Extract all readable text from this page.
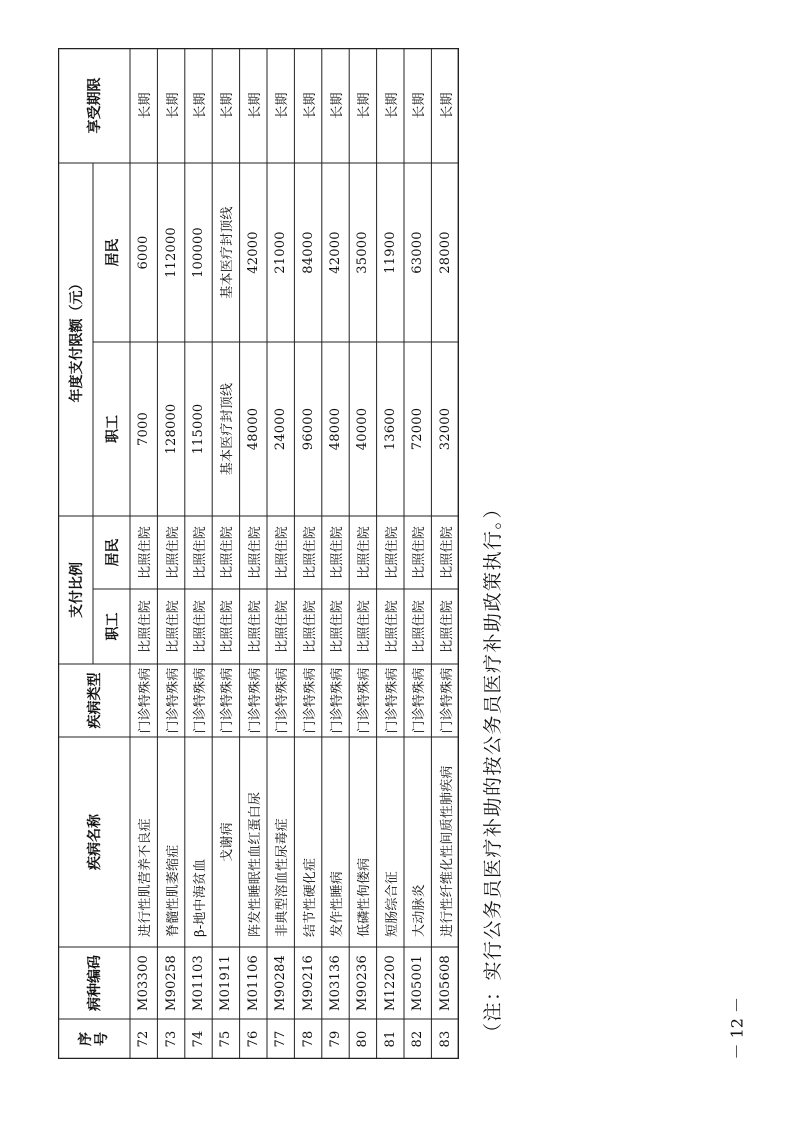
序号
病种编码
疾病名称
疾病类型
支付比例
职工
居民
年度支付限额（元）
职工
居民
享受期限
72
M03300
进行性肌营养不良症
门诊特殊病
比照住院
比照住院
7000
6000
长期
73
M90258
脊髓性肌萎缩症
门诊特殊病
比照住院
比照住院
128000
112000
长期
74
M01103
β-地中海贫血
门诊特殊病
比照住院
比照住院
115000
100000
长期
75
M01911
戈谢病
门诊特殊病
比照住院
比照住院
基本医疗封顶线
基本医疗封顶线
长期
76
M01106
阵发性睡眠性血红蛋白尿
门诊特殊病
比照住院
比照住院
48000
42000
长期
77
M90284
非典型溶血性尿毒症
门诊特殊病
比照住院
比照住院
24000
21000
长期
78
M90216
结节性硬化症
门诊特殊病
比照住院
比照住院
96000
84000
长期
79
M03136
发作性睡病
门诊特殊病
比照住院
比照住院
48000
42000
长期
80
M90236
低磷性佝偻病
门诊特殊病
比照住院
比照住院
40000
35000
长期
81
M12200
短肠综合征
门诊特殊病
比照住院
比照住院
13600
11900
长期
82
M05001
大动脉炎
门诊特殊病
比照住院
比照住院
72000
63000
长期
83
M05608
进行性纤维化性间质性肺疾病
门诊特殊病
比照住院
比照住院
32000
28000
长期
（注：实行公务员医疗补助的按公务员医疗补助政策执行。）	－ 12 －
